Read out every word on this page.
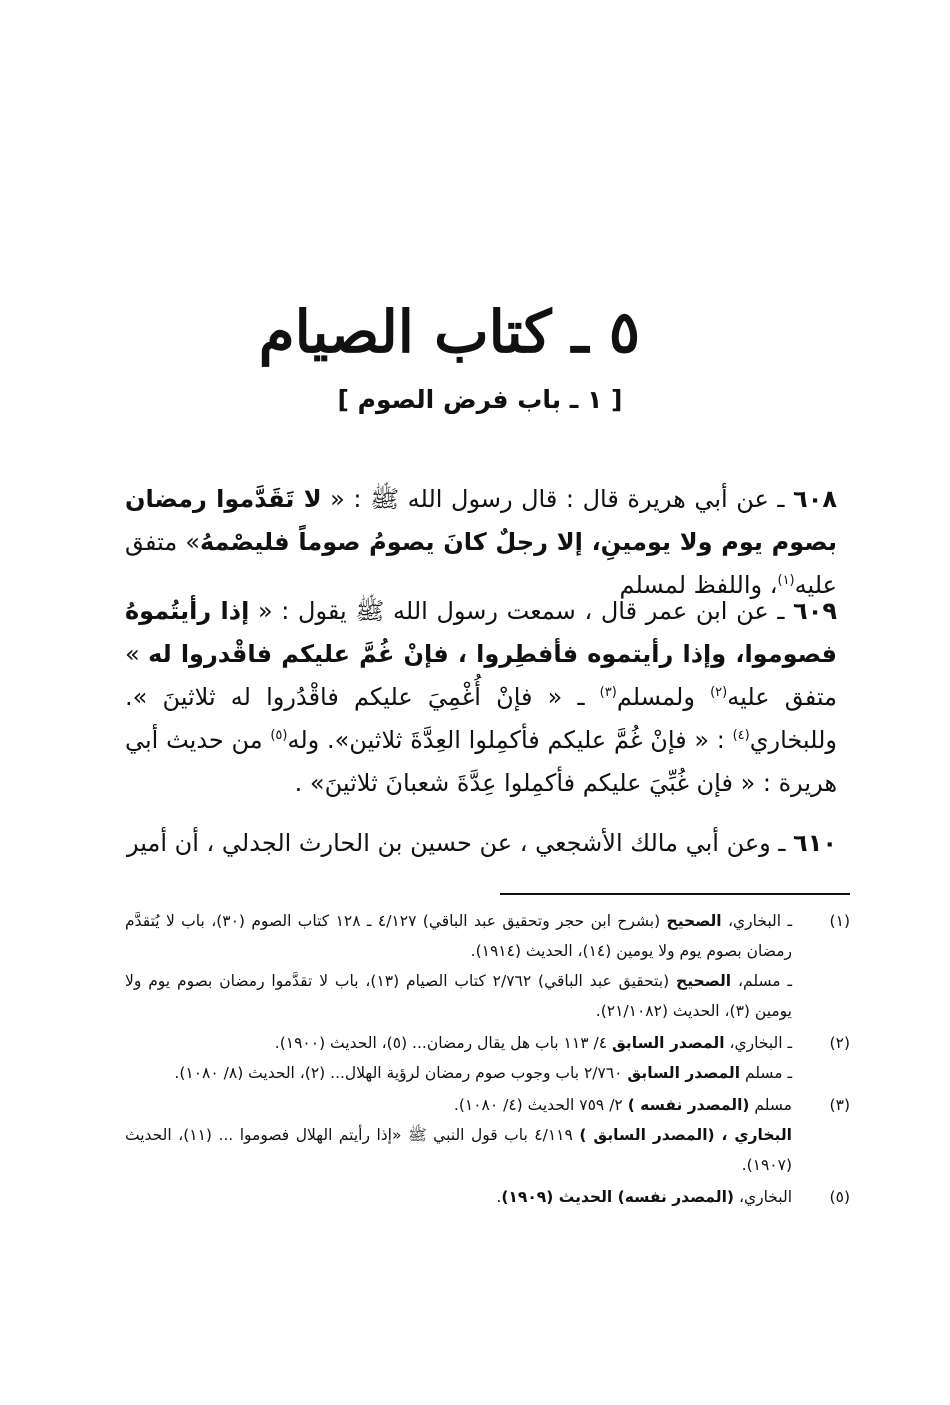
٥ ـ كتاب الصيام
[ ١ ـ باب فرض الصوم ]
٦٠٨ ـ عن أبي هريرة قال : قال رسول الله ﷺ : « لا تَقَدَّموا رمضان بصوم يوم ولا يومينِ، إلا رجلٌ كانَ يصومُ صوماً فليصْمهُ» متفق عليه$^{(١)}$، واللفظ لمسلم
٦٠٩ ـ عن ابن عمر قال ، سمعت رسول الله ﷺ يقول : « إذا رأيتُموهُ فصوموا، وإذا رأيتموه فأفطِروا ، فإنْ غُمَّ عليكم فاقْدروا له » متفق عليه$^{(٢)}$ ولمسلم$^{(٣)}$ ـ « فإنْ أُغْمِيَ عليكم فاقْدُروا له ثلاثينَ ». وللبخاري$^{(٤)}$ : « فإنْ غُمَّ عليكم فأكمِلوا العِدَّةَ ثلاثين». وله$^{(٥)}$ من حديث أبي هريرة : « فإن غُبِّيَ عليكم فأكمِلوا عِدَّةَ شعبانَ ثلاثينَ» .
٦١٠ ـ وعن أبي مالك الأشجعي ، عن حسين بن الحارث الجدلي ، أن أمير
(١)
ـ البخاري، الصحيح (بشرح ابن حجر وتحقيق عبد الباقي) ٤/١٢٧ ـ ١٢٨ كتاب الصوم (٣٠)، باب لا يُتقدَّم رمضان بصوم يوم ولا يومين (١٤)، الحديث (١٩١٤).
ـ مسلم، الصحيح (بتحقيق عبد الباقي) ٢/٧٦٢ كتاب الصيام (١٣)، باب لا تقدَّموا رمضان بصوم يوم ولا يومين (٣)، الحديث (٢١/١٠٨٢).
(٢)
ـ البخاري، المصدر السابق ٤/ ١١٣ باب هل يقال رمضان... (٥)، الحديث (١٩٠٠).
ـ مسلم المصدر السابق ٢/٧٦٠ باب وجوب صوم رمضان لرؤية الهلال... (٢)، الحديث (٨/ ١٠٨٠).
(٣)
مسلم (المصدر نفسه ) ٢/ ٧٥٩ الحديث (٤/ ١٠٨٠).
البخاري ، (المصدر السابق ) ٤/١١٩ باب قول النبي ﷺ «إذا رأيتم الهلال فصوموا ... (١١)، الحديث (١٩٠٧).
(٥)
البخاري، (المصدر نفسه) الحديث (١٩٠٩).
